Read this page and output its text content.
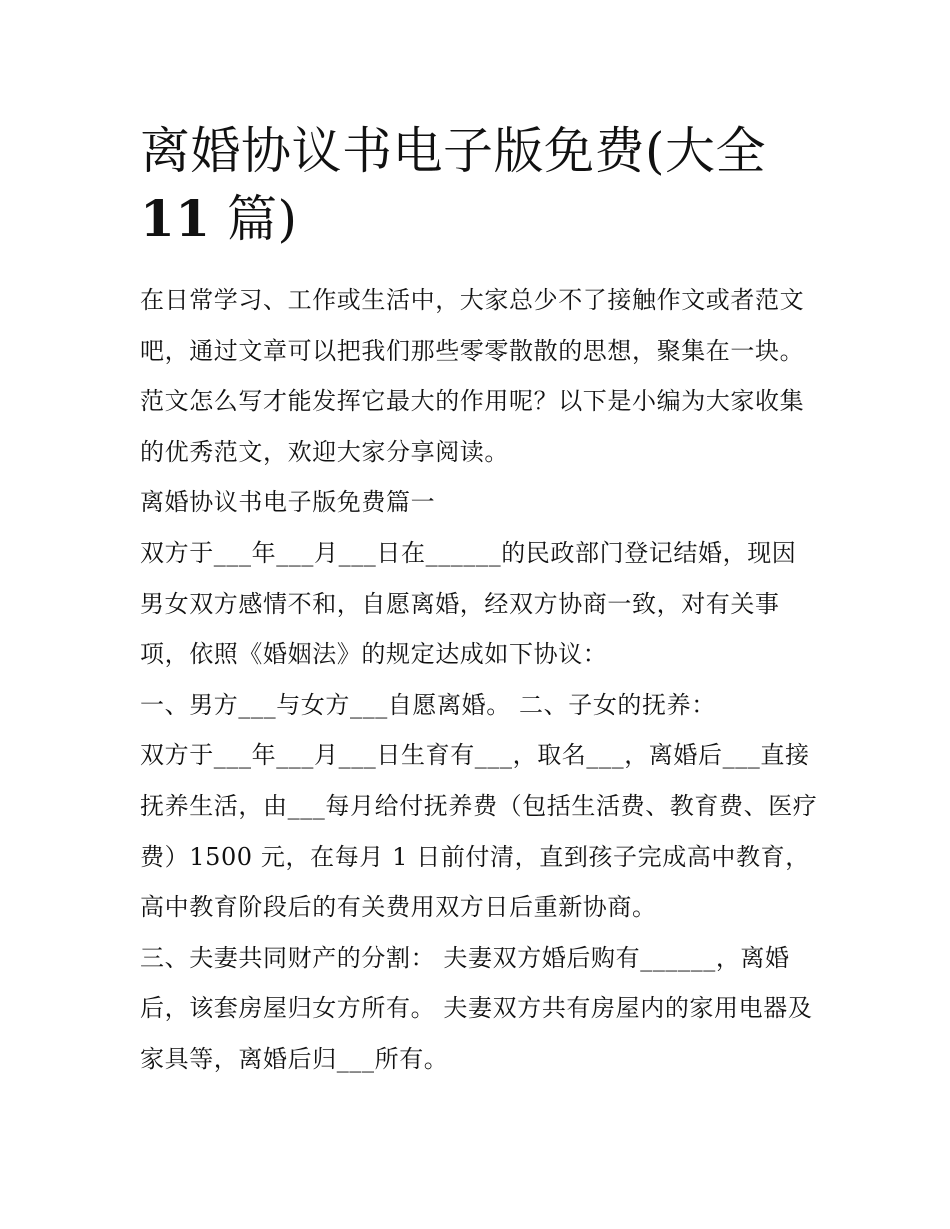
离婚协议书电子版免费(大全
11 篇)

在日常学习、工作或生活中，大家总少不了接触作文或者范文吧，通过文章可以把我们那些零零散散的思想，聚集在一块。范文怎么写才能发挥它最大的作用呢？以下是小编为大家收集的优秀范文，欢迎大家分享阅读。

离婚协议书电子版免费篇一

双方于___年___月___日在______的民政部门登记结婚，现因男女双方感情不和，自愿离婚，经双方协商一致，对有关事项，依照《婚姻法》的规定达成如下协议：

一、男方___与女方___自愿离婚。 二、子女的抚养：

双方于___年___月___日生育有___，取名___，离婚后___直接抚养生活，由___每月给付抚养费（包括生活费、教育费、医疗费）1500 元，在每月 1 日前付清，直到孩子完成高中教育，高中教育阶段后的有关费用双方日后重新协商。

三、夫妻共同财产的分割： 夫妻双方婚后购有______，离婚后，该套房屋归女方所有。 夫妻双方共有房屋内的家用电器及家具等，离婚后归___所有。
